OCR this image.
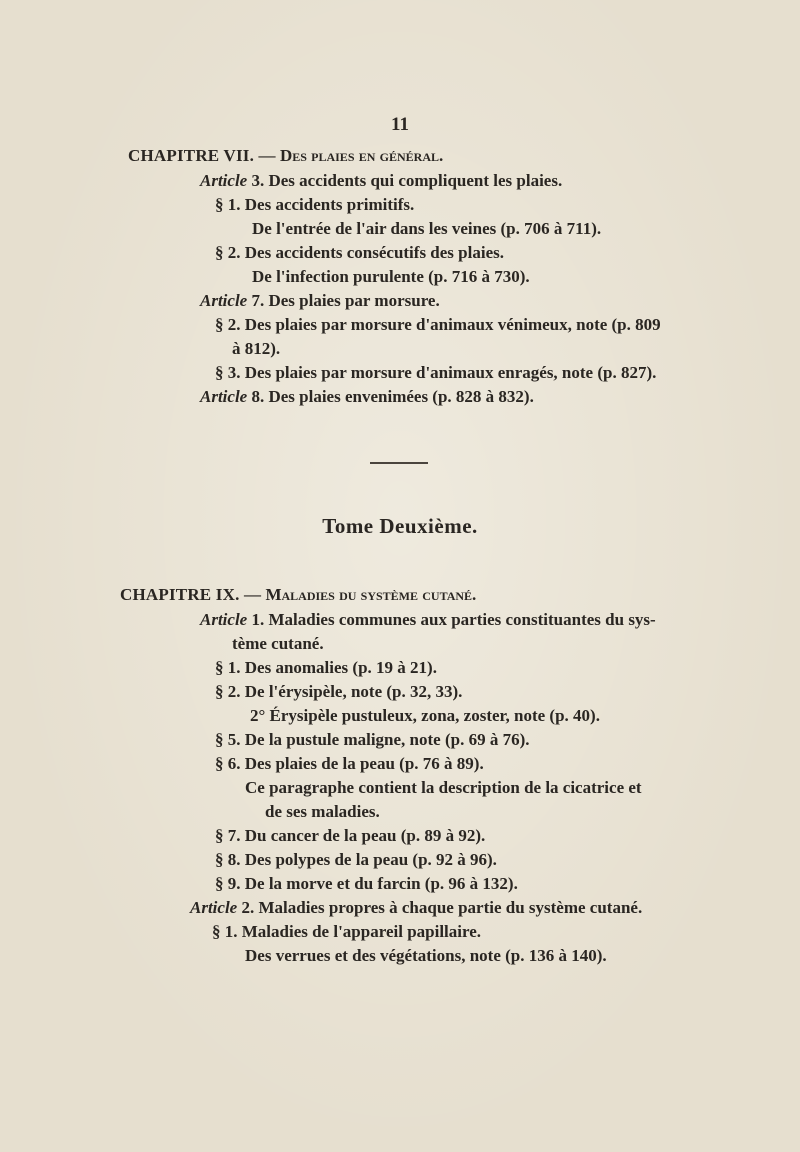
11
CHAPITRE VII. — Des plaies en général.
Article 3. Des accidents qui compliquent les plaies.
§ 1. Des accidents primitifs.
De l'entrée de l'air dans les veines (p. 706 à 711).
§ 2. Des accidents consécutifs des plaies.
De l'infection purulente (p. 716 à 730).
Article 7. Des plaies par morsure.
§ 2. Des plaies par morsure d'animaux vénimeux, note (p. 809
à 812).
§ 3. Des plaies par morsure d'animaux enragés, note (p. 827).
Article 8. Des plaies envenimées (p. 828 à 832).
Tome Deuxième.
CHAPITRE IX. — Maladies du système cutané.
Article 1. Maladies communes aux parties constituantes du sys-
tème cutané.
§ 1. Des anomalies (p. 19 à 21).
§ 2. De l'érysipèle, note (p. 32, 33).
2° Érysipèle pustuleux, zona, zoster, note (p. 40).
§ 5. De la pustule maligne, note (p. 69 à 76).
§ 6. Des plaies de la peau (p. 76 à 89).
Ce paragraphe contient la description de la cicatrice et
de ses maladies.
§ 7. Du cancer de la peau (p. 89 à 92).
§ 8. Des polypes de la peau (p. 92 à 96).
§ 9. De la morve et du farcin (p. 96 à 132).
Article 2. Maladies propres à chaque partie du système cutané.
§ 1. Maladies de l'appareil papillaire.
Des verrues et des végétations, note (p. 136 à 140).
